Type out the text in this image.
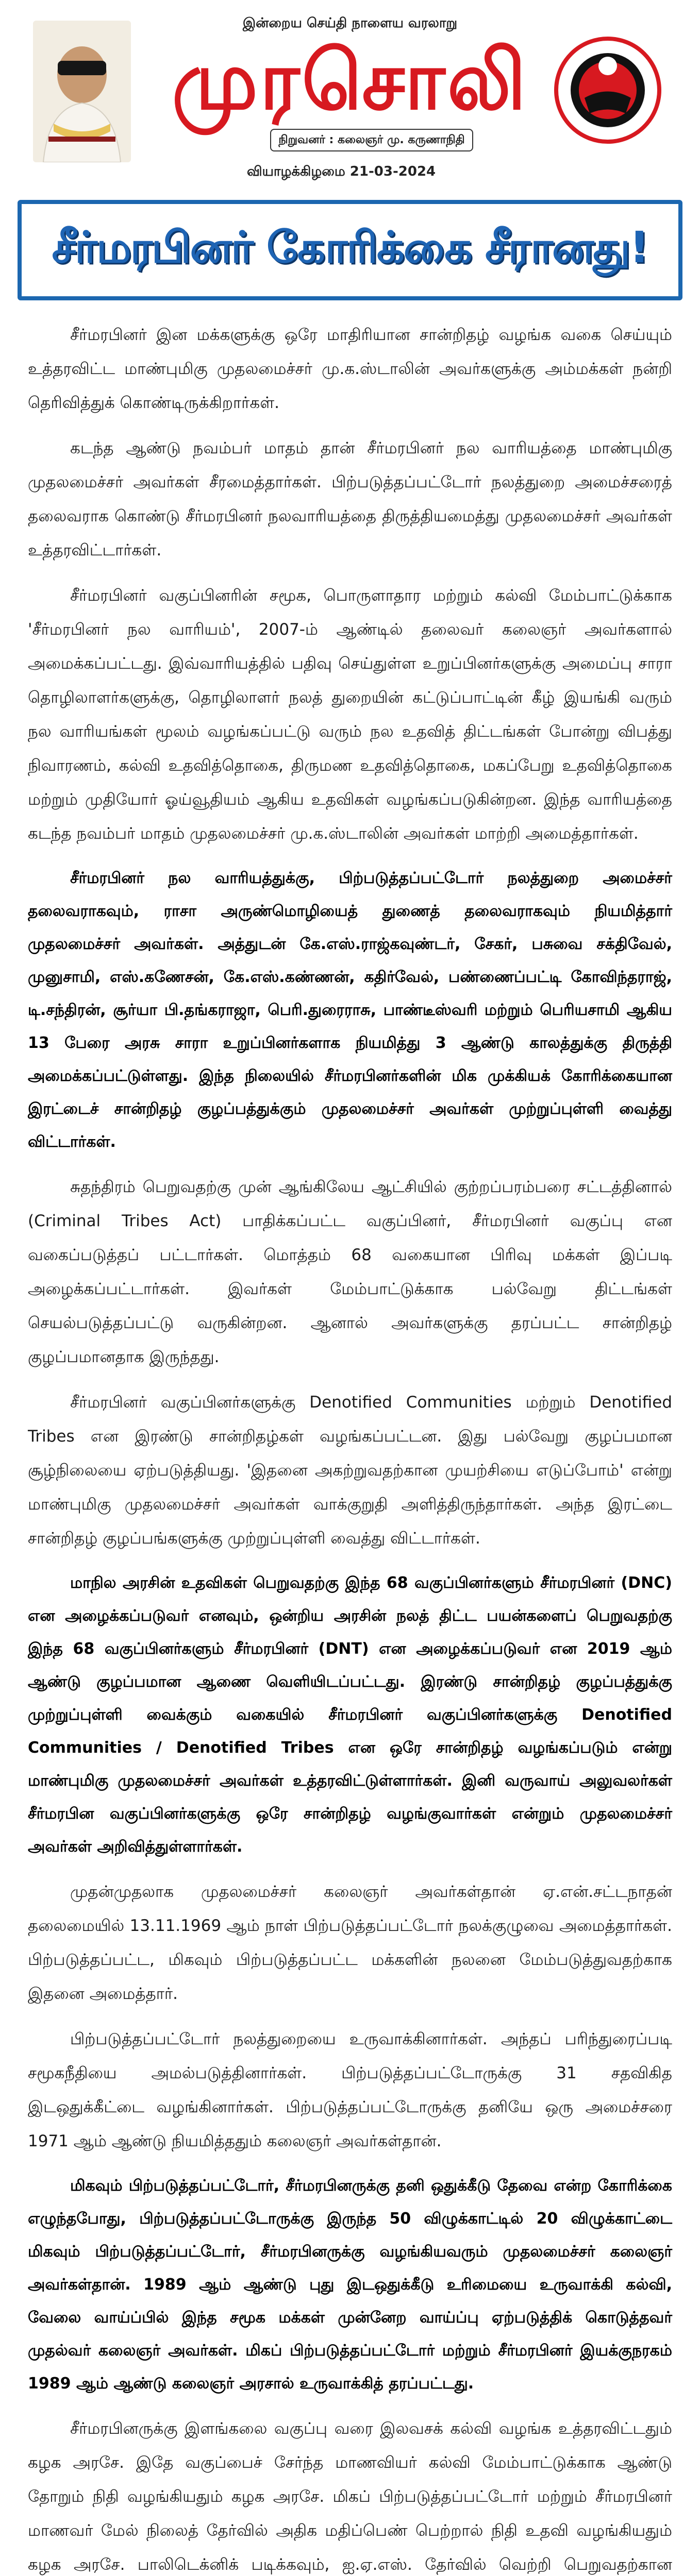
இன்றைய செய்தி நாளைய வரலாறு
முரசொலி
நிறுவனர் : கலைஞர் மு. கருணாநிதி
வியாழக்கிழமை 21-03-2024
சீர்மரபினர் கோரிக்கை சீரானது!

சீர்மரபினர் இன மக்களுக்கு ஒரே மாதிரியான சான்றிதழ் வழங்க வகை செய்யும் உத்தரவிட்ட மாண்புமிகு முதலமைச்சர் மு.க.ஸ்டாலின் அவர்களுக்கு அம்மக்கள் நன்றி தெரிவித்துக் கொண்டிருக்கிறார்கள்.

கடந்த ஆண்டு நவம்பர் மாதம் தான் சீர்மரபினர் நல வாரியத்தை மாண்புமிகு முதலமைச்சர் அவர்கள் சீரமைத்தார்கள். பிற்படுத்தப்பட்டோர் நலத்துறை அமைச்சரைத் தலைவராக கொண்டு சீர்மரபினர் நலவாரியத்தை திருத்தியமைத்து முதலமைச்சர் அவர்கள் உத்தரவிட்டார்கள்.

சீர்மரபினர் வகுப்பினரின் சமூக, பொருளாதார மற்றும் கல்வி மேம்பாட்டுக்காக 'சீர்மரபினர் நல வாரியம்', 2007-ம் ஆண்டில் தலைவர் கலைஞர் அவர்களால் அமைக்கப்பட்டது. இவ்வாரியத்தில் பதிவு செய்துள்ள உறுப்பினர்களுக்கு அமைப்பு சாரா தொழிலாளர்களுக்கு, தொழிலாளர் நலத் துறையின் கட்டுப்பாட்டின் கீழ் இயங்கி வரும் நல வாரியங்கள் மூலம் வழங்கப்பட்டு வரும் நல உதவித் திட்டங்கள் போன்று விபத்து நிவாரணம், கல்வி உதவித்தொகை, திருமண உதவித்தொகை, மகப்பேறு உதவித்தொகை மற்றும் முதியோர் ஓய்வூதியம் ஆகிய உதவிகள் வழங்கப்படுகின்றன. இந்த வாரியத்தை கடந்த நவம்பர் மாதம் முதலமைச்சர் மு.க.ஸ்டாலின் அவர்கள் மாற்றி அமைத்தார்கள்.

சீர்மரபினர் நல வாரியத்துக்கு, பிற்படுத்தப்பட்டோர் நலத்துறை அமைச்சர் தலைவராகவும், ராசா அருண்மொழியைத் துணைத் தலைவராகவும் நியமித்தார் முதலமைச்சர் அவர்கள். அத்துடன் கே.எஸ்.ராஜ்கவுண்டர், சேகர், பசுவை சக்திவேல், முனுசாமி, எஸ்.கணேசன், கே.எஸ்.கண்ணன், கதிர்வேல், பண்ணைப்பட்டி கோவிந்தராஜ், டி.சந்திரன், சூர்யா பி.தங்கராஜா, பெரி.துரைராசு, பாண்டீஸ்வரி மற்றும் பெரியசாமி ஆகிய 13 பேரை அரசு சாரா உறுப்பினர்களாக நியமித்து 3 ஆண்டு காலத்துக்கு திருத்தி அமைக்கப்பட்டுள்ளது. இந்த நிலையில் சீர்மரபினர்களின் மிக முக்கியக் கோரிக்கையான இரட்டைச் சான்றிதழ் குழப்பத்துக்கும் முதலமைச்சர் அவர்கள் முற்றுப்புள்ளி வைத்து விட்டார்கள்.

சுதந்திரம் பெறுவதற்கு முன் ஆங்கிலேய ஆட்சியில் குற்றப்பரம்பரை சட்டத்தினால் (Criminal Tribes Act) பாதிக்கப்பட்ட வகுப்பினர், சீர்மரபினர் வகுப்பு என வகைப்படுத்தப் பட்டார்கள். மொத்தம் 68 வகையான பிரிவு மக்கள் இப்படி அழைக்கப்பட்டார்கள். இவர்கள் மேம்பாட்டுக்காக பல்வேறு திட்டங்கள் செயல்படுத்தப்பட்டு வருகின்றன. ஆனால் அவர்களுக்கு தரப்பட்ட சான்றிதழ் குழப்பமானதாக இருந்தது.

சீர்மரபினர் வகுப்பினர்களுக்கு Denotified Communities மற்றும் Denotified Tribes என இரண்டு சான்றிதழ்கள் வழங்கப்பட்டன. இது பல்வேறு குழப்பமான சூழ்நிலையை ஏற்படுத்தியது. 'இதனை அகற்றுவதற்கான முயற்சியை எடுப்போம்' என்று மாண்புமிகு முதலமைச்சர் அவர்கள் வாக்குறுதி அளித்திருந்தார்கள். அந்த இரட்டை சான்றிதழ் குழப்பங்களுக்கு முற்றுப்புள்ளி வைத்து விட்டார்கள்.

மாநில அரசின் உதவிகள் பெறுவதற்கு இந்த 68 வகுப்பினர்களும் சீர்மரபினர் (DNC) என அழைக்கப்படுவர் எனவும், ஒன்றிய அரசின் நலத் திட்ட பயன்களைப் பெறுவதற்கு இந்த 68 வகுப்பினர்களும் சீர்மரபினர் (DNT) என அழைக்கப்படுவர் என 2019 ஆம் ஆண்டு குழப்பமான ஆணை வெளியிடப்பட்டது. இரண்டு சான்றிதழ் குழப்பத்துக்கு முற்றுப்புள்ளி வைக்கும் வகையில் சீர்மரபினர் வகுப்பினர்களுக்கு Denotified Communities / Denotified Tribes என ஒரே சான்றிதழ் வழங்கப்படும் என்று மாண்புமிகு முதலமைச்சர் அவர்கள் உத்தரவிட்டுள்ளார்கள். இனி வருவாய் அலுவலர்கள் சீர்மரபின வகுப்பினர்களுக்கு ஒரே சான்றிதழ் வழங்குவார்கள் என்றும் முதலமைச்சர் அவர்கள் அறிவித்துள்ளார்கள்.

முதன்முதலாக முதலமைச்சர் கலைஞர் அவர்கள்தான் ஏ.என்.சட்டநாதன் தலைமையில் 13.11.1969 ஆம் நாள் பிற்படுத்தப்பட்டோர் நலக்குழுவை அமைத்தார்கள். பிற்படுத்தப்பட்ட, மிகவும் பிற்படுத்தப்பட்ட மக்களின் நலனை மேம்படுத்துவதற்காக இதனை அமைத்தார்.

பிற்படுத்தப்பட்டோர் நலத்துறையை உருவாக்கினார்கள். அந்தப் பரிந்துரைப்படி சமூகநீதியை அமல்படுத்தினார்கள். பிற்படுத்தப்பட்டோருக்கு 31 சதவிகித இடஒதுக்கீட்டை வழங்கினார்கள். பிற்படுத்தப்பட்டோருக்கு தனியே ஒரு அமைச்சரை 1971 ஆம் ஆண்டு நியமித்ததும் கலைஞர் அவர்கள்தான்.

மிகவும் பிற்படுத்தப்பட்டோர், சீர்மரபினருக்கு தனி ஒதுக்கீடு தேவை என்ற கோரிக்கை எழுந்தபோது, பிற்படுத்தப்பட்டோருக்கு இருந்த 50 விழுக்காட்டில் 20 விழுக்காட்டை மிகவும் பிற்படுத்தப்பட்டோர், சீர்மரபினருக்கு வழங்கியவரும் முதலமைச்சர் கலைஞர் அவர்கள்தான். 1989 ஆம் ஆண்டு புது இடஒதுக்கீடு உரிமையை உருவாக்கி கல்வி, வேலை வாய்ப்பில் இந்த சமூக மக்கள் முன்னேற வாய்ப்பு ஏற்படுத்திக் கொடுத்தவர் முதல்வர் கலைஞர் அவர்கள். மிகப் பிற்படுத்தப்பட்டோர் மற்றும் சீர்மரபினர் இயக்குநரகம் 1989 ஆம் ஆண்டு கலைஞர் அரசால் உருவாக்கித் தரப்பட்டது.

சீர்மரபினருக்கு இளங்கலை வகுப்பு வரை இலவசக் கல்வி வழங்க உத்தரவிட்டதும் கழக அரசே. இதே வகுப்பைச் சேர்ந்த மாணவியர் கல்வி மேம்பாட்டுக்காக ஆண்டு தோறும் நிதி வழங்கியதும் கழக அரசே. மிகப் பிற்படுத்தப்பட்டோர் மற்றும் சீர்மரபினர் மாணவர் மேல் நிலைத் தேர்வில் அதிக மதிப்பெண் பெற்றால் நிதி உதவி வழங்கியதும் கழக அரசே. பாலிடெக்னிக் படிக்கவும், ஐ.ஏ.எஸ். தேர்வில் வெற்றி பெறுவதற்கான
